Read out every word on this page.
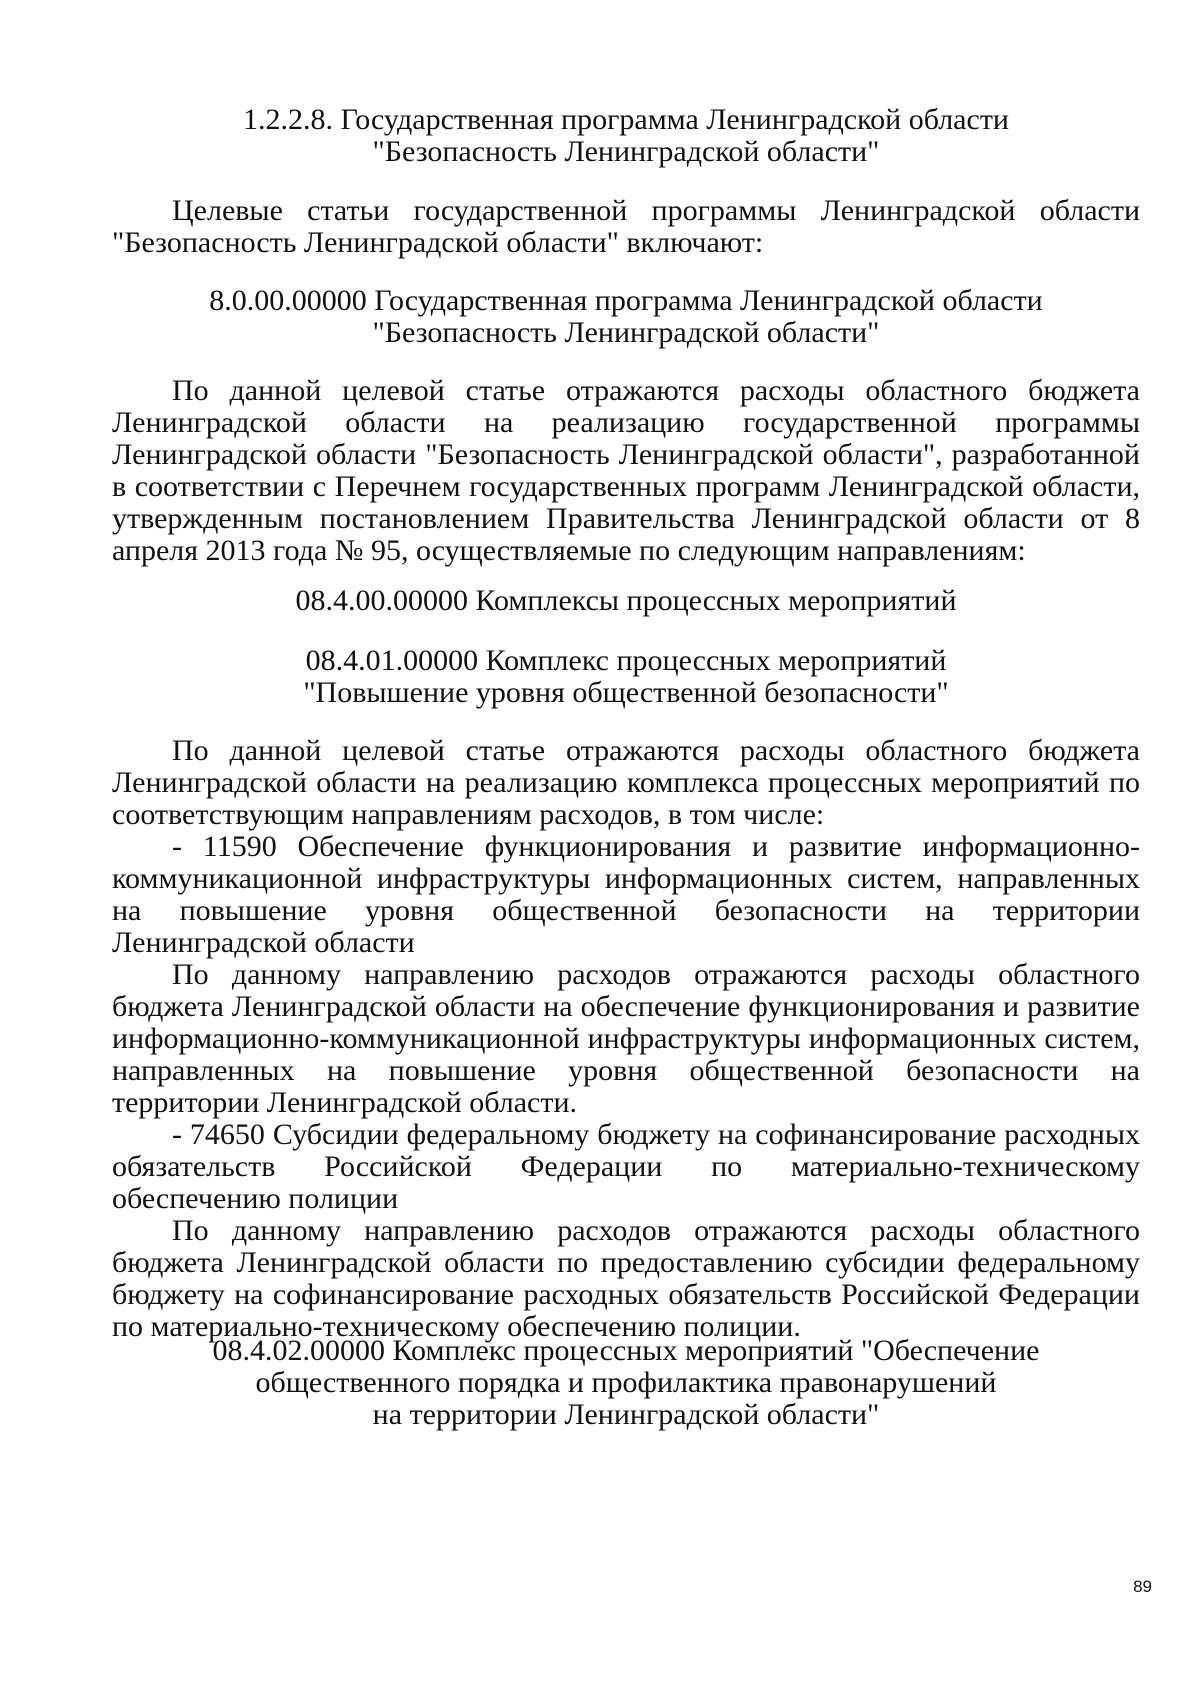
1.2.2.8. Государственная программа Ленинградской области

"Безопасность Ленинградской области"

Целевые статьи государственной программы Ленинградской области "Безопасность Ленинградской области" включают:

8.0.00.00000 Государственная программа Ленинградской области

"Безопасность Ленинградской области"

По данной целевой статье отражаются расходы областного бюджета Ленинградской области на реализацию государственной программы Ленинградской области "Безопасность Ленинградской области", разработанной в соответствии с Перечнем государственных программ Ленинградской области, утвержденным постановлением Правительства Ленинградской области от 8 апреля 2013 года № 95, осуществляемые по следующим направлениям:

08.4.00.00000 Комплексы процессных мероприятий

08.4.01.00000 Комплекс процессных мероприятий

"Повышение уровня общественной безопасности"

По данной целевой статье отражаются расходы областного бюджета Ленинградской области на реализацию комплекса процессных мероприятий по соответствующим направлениям расходов, в том числе:

- 11590 Обеспечение функционирования и развитие информационно-коммуникационной инфраструктуры информационных систем, направленных на повышение уровня общественной безопасности на территории Ленинградской области

По данному направлению расходов отражаются расходы областного бюджета Ленинградской области на обеспечение функционирования и развитие информационно-коммуникационной инфраструктуры информационных систем, направленных на повышение уровня общественной безопасности на территории Ленинградской области.

- 74650 Субсидии федеральному бюджету на софинансирование расходных обязательств Российской Федерации по материально-техническому обеспечению полиции

По данному направлению расходов отражаются расходы областного бюджета Ленинградской области по предоставлению субсидии федеральному бюджету на софинансирование расходных обязательств Российской Федерации по материально-техническому обеспечению полиции.

08.4.02.00000 Комплекс процессных мероприятий "Обеспечение

общественного порядка и профилактика правонарушений

на территории Ленинградской области"

89
